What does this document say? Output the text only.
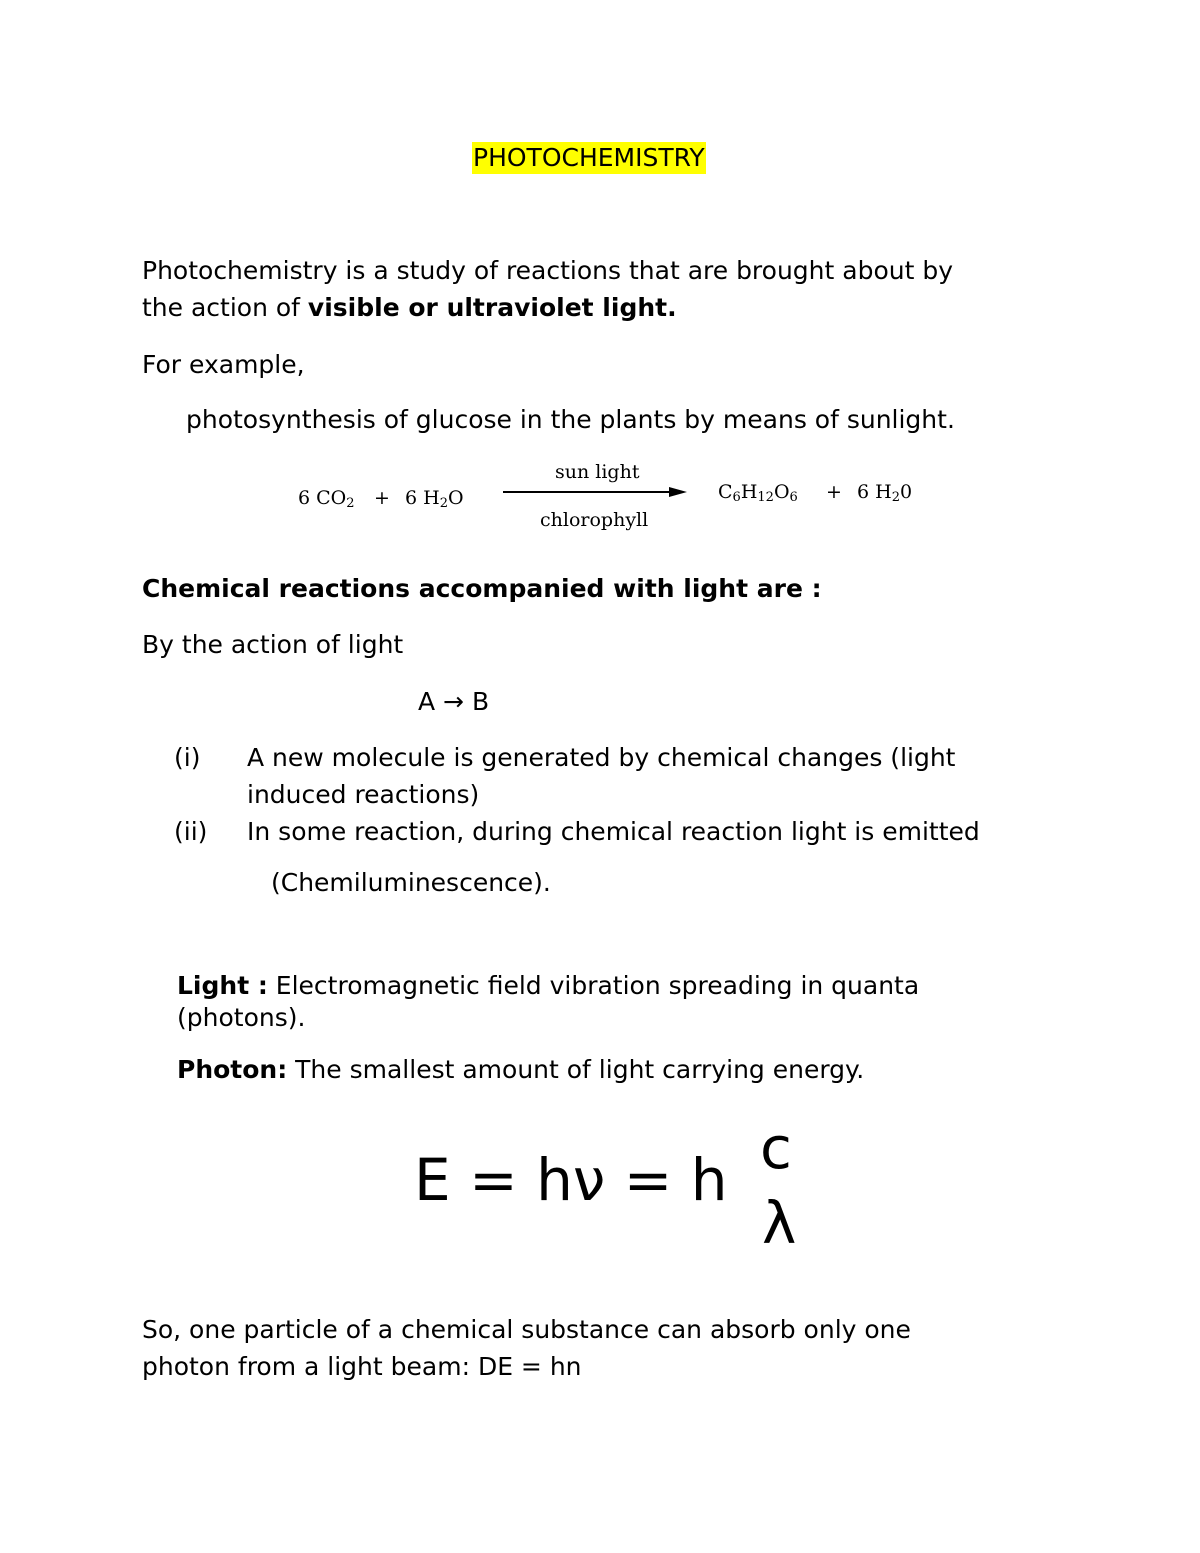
PHOTOCHEMISTRY
Photochemistry is a study of reactions that are brought about by
the action of visible or ultraviolet light.
For example,
photosynthesis of glucose in the plants by means of sunlight.
6 $CO_2 + 6$ $H_2O$
sun light
chlorophyll
$C_6H_{12}O_6 + 6$ $H_20$
Chemical reactions accompanied with light are :
By the action of light
A → B
(i) A new molecule is generated by chemical changes (light
induced reactions)
(ii) In some reaction, during chemical reaction light is emitted
(Chemiluminescence).
Light : Electromagnetic field vibration spreading in quanta
(photons).
Photon: The smallest amount of light carrying energy.
E = hν = h c
λ
So, one particle of a chemical substance can absorb only one
photon from a light beam: DE = hn
